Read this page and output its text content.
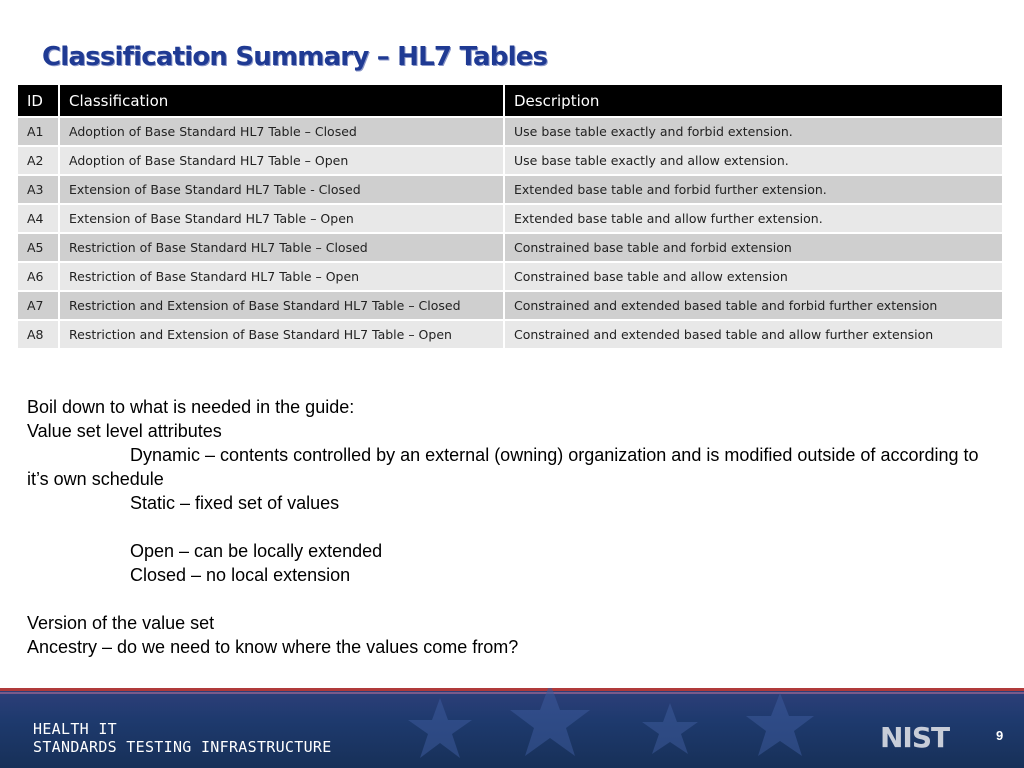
Classification Summary – HL7 Tables
ID	Classification	Description
A1	Adoption of Base Standard HL7 Table – Closed	Use base table exactly and forbid extension.
A2	Adoption of Base Standard HL7 Table – Open	Use base table exactly and allow extension.
A3	Extension of Base Standard HL7 Table - Closed	Extended base table and forbid further extension.
A4	Extension of Base Standard HL7 Table – Open	Extended base table and allow further extension.
A5	Restriction of Base Standard HL7 Table – Closed	Constrained base table and forbid extension
A6	Restriction of Base Standard HL7 Table – Open	Constrained base table and allow extension
A7	Restriction and Extension of Base Standard HL7 Table – Closed	Constrained and extended based table and forbid further extension
A8	Restriction and Extension of Base Standard HL7 Table – Open	Constrained and extended based table and allow further extension

Boil down to what is needed in the guide:

Value set level attributes

Dynamic – contents controlled by an external (owning) organization and is modified outside of according to it’s own schedule

Static – fixed set of values

Open – can be locally extended

Closed – no local extension

Version of the value set

Ancestry – do we need to know where the values come from?

HEALTH IT
STANDARDS TESTING INFRASTRUCTURE	NIST	9
